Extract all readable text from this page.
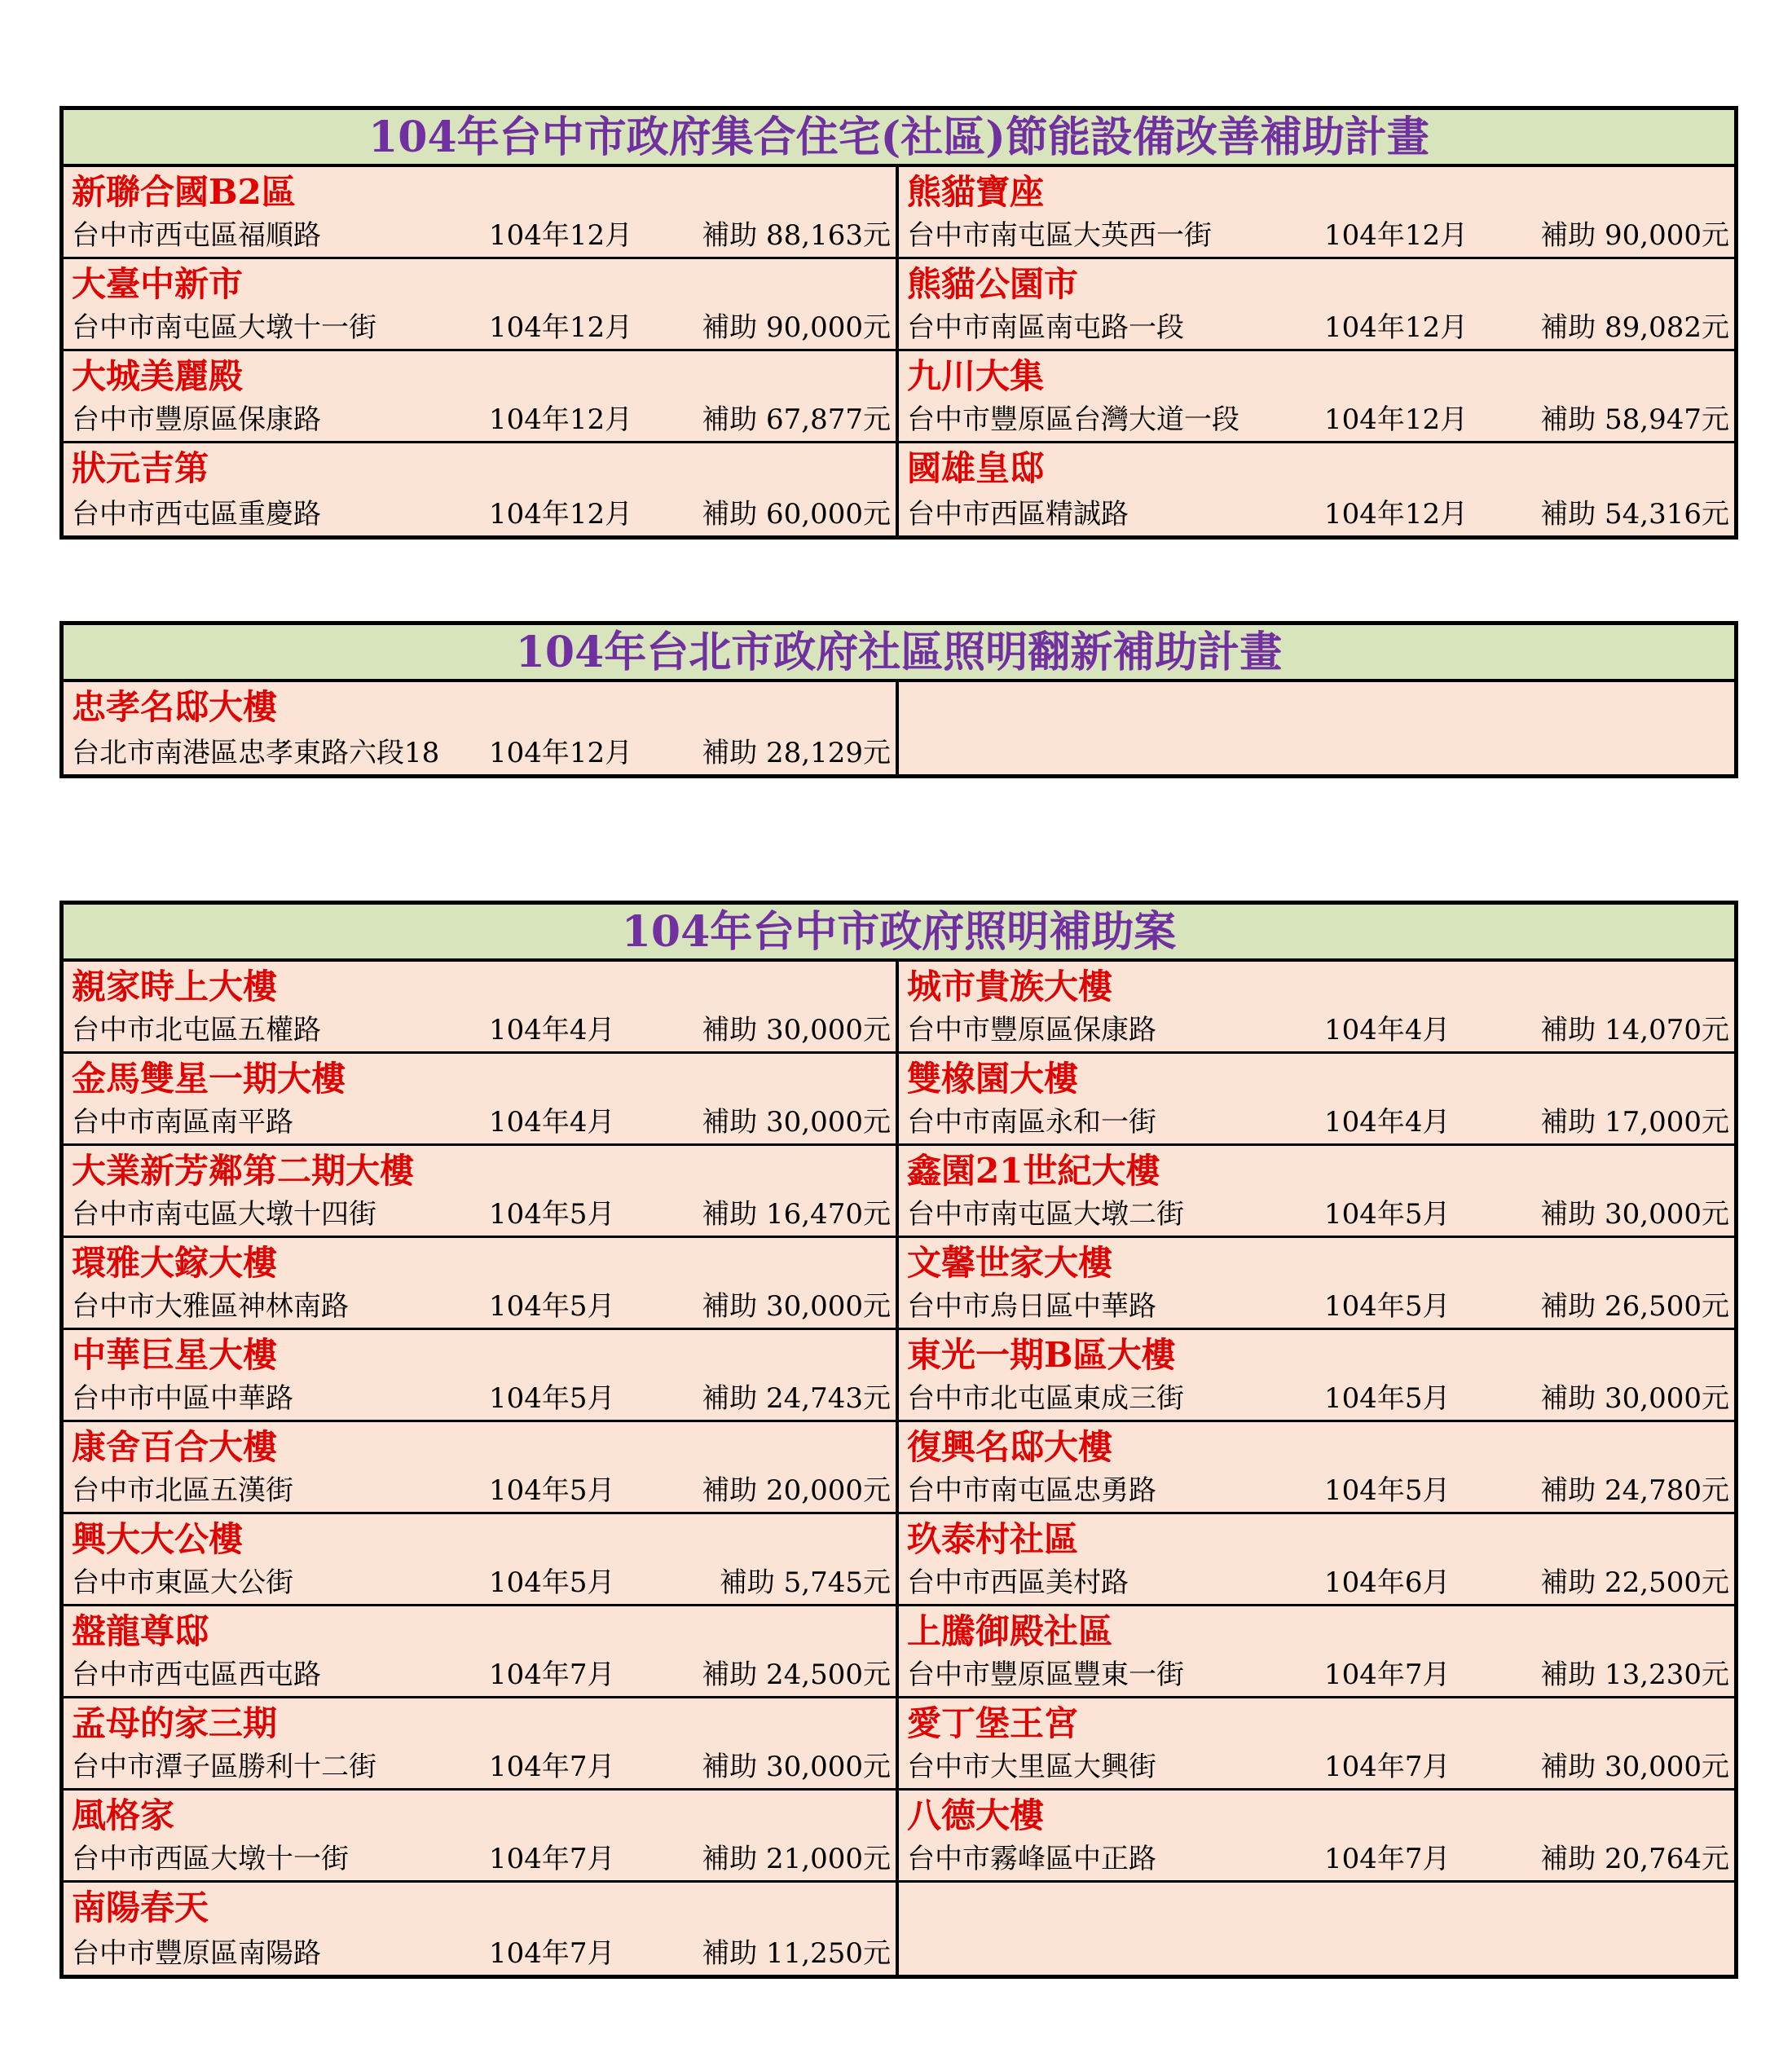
104年台中市政府集合住宅(社區)節能設備改善補助計畫
新聯合國B2區
台中市西屯區福順路	104年12月	補助 88,163元
熊貓寶座
台中市南屯區大英西一街	104年12月	補助 90,000元
大臺中新市
台中市南屯區大墩十一街	104年12月	補助 90,000元
熊貓公園市
台中市南區南屯路一段	104年12月	補助 89,082元
大城美麗殿
台中市豐原區保康路	104年12月	補助 67,877元
九川大集
台中市豐原區台灣大道一段	104年12月	補助 58,947元
狀元吉第
台中市西屯區重慶路	104年12月	補助 60,000元
國雄皇邸
台中市西區精誠路	104年12月	補助 54,316元
104年台北市政府社區照明翻新補助計畫
忠孝名邸大樓
台北市南港區忠孝東路六段18	104年12月	補助 28,129元
104年台中市政府照明補助案
親家時上大樓
台中市北屯區五權路	104年4月	補助 30,000元
城市貴族大樓
台中市豐原區保康路	104年4月	補助 14,070元
金馬雙星一期大樓
台中市南區南平路	104年4月	補助 30,000元
雙橡園大樓
台中市南區永和一街	104年4月	補助 17,000元
大業新芳鄰第二期大樓
台中市南屯區大墩十四街	104年5月	補助 16,470元
鑫園21世紀大樓
台中市南屯區大墩二街	104年5月	補助 30,000元
環雅大鎵大樓
台中市大雅區神林南路	104年5月	補助 30,000元
文馨世家大樓
台中市烏日區中華路	104年5月	補助 26,500元
中華巨星大樓
台中市中區中華路	104年5月	補助 24,743元
東光一期B區大樓
台中市北屯區東成三街	104年5月	補助 30,000元
康舍百合大樓
台中市北區五漢街	104年5月	補助 20,000元
復興名邸大樓
台中市南屯區忠勇路	104年5月	補助 24,780元
興大大公樓
台中市東區大公街	104年5月	補助 5,745元
玖泰村社區
台中市西區美村路	104年6月	補助 22,500元
盤龍尊邸
台中市西屯區西屯路	104年7月	補助 24,500元
上騰御殿社區
台中市豐原區豐東一街	104年7月	補助 13,230元
孟母的家三期
台中市潭子區勝利十二街	104年7月	補助 30,000元
愛丁堡王宮
台中市大里區大興街	104年7月	補助 30,000元
風格家
台中市西區大墩十一街	104年7月	補助 21,000元
八德大樓
台中市霧峰區中正路	104年7月	補助 20,764元
南陽春天
台中市豐原區南陽路	104年7月	補助 11,250元
